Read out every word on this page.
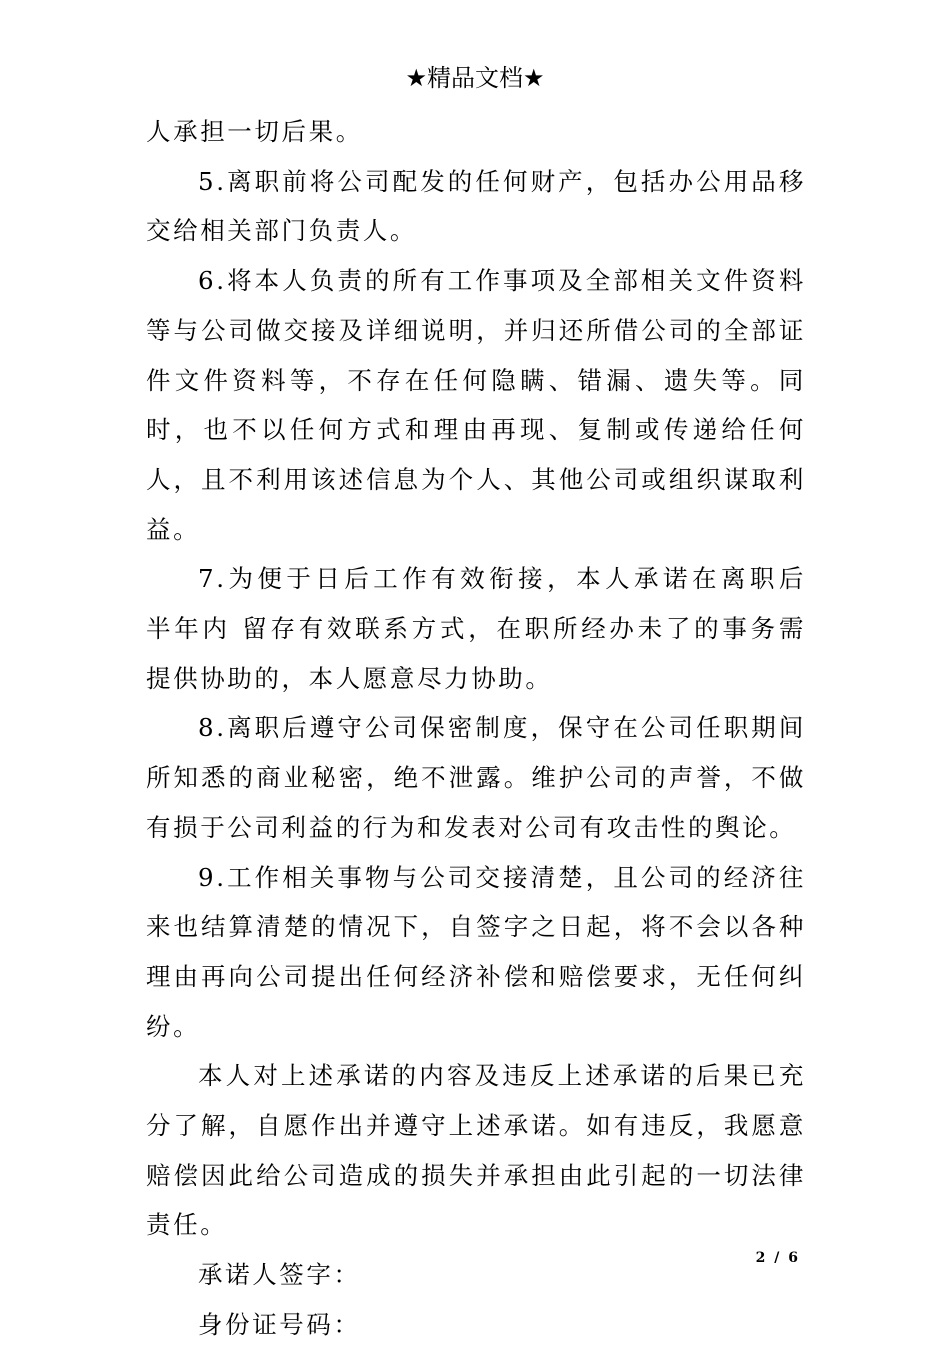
★精品文档★

人承担一切后果。

5.离职前将公司配发的任何财产，包括办公用品移交给相关部门负责人。

6.将本人负责的所有工作事项及全部相关文件资料等与公司做交接及详细说明，并归还所借公司的全部证件文件资料等，不存在任何隐瞒、错漏、遗失等。同时，也不以任何方式和理由再现、复制或传递给任何人，且不利用该述信息为个人、其他公司或组织谋取利益。

7.为便于日后工作有效衔接，本人承诺在离职后 半年内 留存有效联系方式，在职所经办未了的事务需提供协助的，本人愿意尽力协助。

8.离职后遵守公司保密制度，保守在公司任职期间所知悉的商业秘密，绝不泄露。维护公司的声誉，不做有损于公司利益的行为和发表对公司有攻击性的舆论。

9.工作相关事物与公司交接清楚，且公司的经济往来也结算清楚的情况下，自签字之日起，将不会以各种理由再向公司提出任何经济补偿和赔偿要求，无任何纠纷。

本人对上述承诺的内容及违反上述承诺的后果已充分了解，自愿作出并遵守上述承诺。如有违反，我愿意赔偿因此给公司造成的损失并承担由此引起的一切法律责任。

承诺人签字：

身份证号码：

2 / 6
